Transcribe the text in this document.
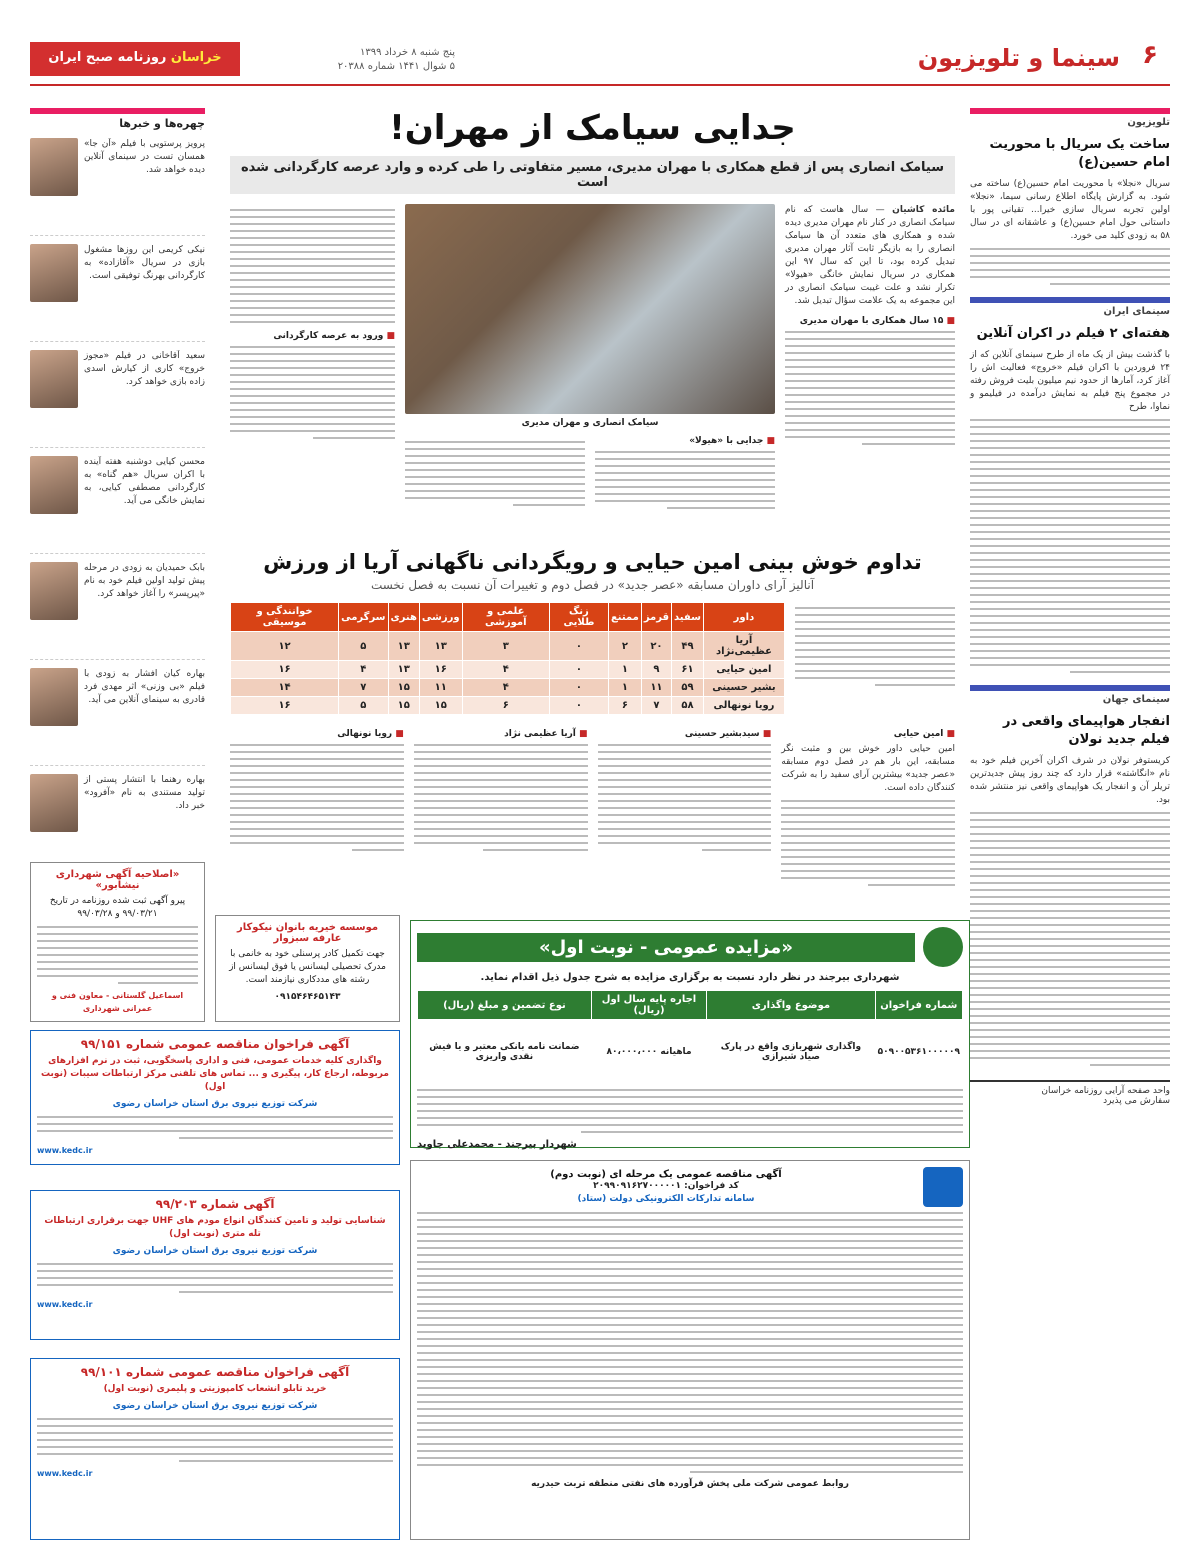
۶
سینما و تلویزیون
پنج شنبه ۸ خرداد ۱۳۹۹
۵ شوال ۱۴۴۱ شماره ۲۰۳۸۸
خراسان روزنامه صبح ایران
تلویزیون
ساخت یک سریال با محوریت امام حسین(ع)
سریال «نجلا» با محوریت امام حسین(ع) ساخته می شود. به گزارش پایگاه اطلاع رسانی سیما، «نجلا» اولین تجربه سریال سازی خیرا... تقیانی پور با داستانی حول امام حسین(ع) و عاشقانه ای در سال ۵۸ به زودی کلید می خورد.
سینمای ایران
هفته‌ای ۲ فیلم در اکران آنلاین
با گذشت بیش از یک ماه از طرح سینمای آنلاین که از ۲۴ فروردین با اکران فیلم «خروج» فعالیت اش را آغاز کرد، آمارها از حدود نیم میلیون بلیت فروش رفته در مجموع پنج فیلم به نمایش درآمده در فیلیمو و نماوا، طرح
سینمای جهان
انفجار هواپیمای واقعی در فیلم جدید نولان
کریستوفر نولان در شرف اکران آخرین فیلم خود به نام «انگاشته» قرار دارد که چند روز پیش جدیدترین تریلر آن و انفجار یک هواپیمای واقعی نیز منتشر شده بود.
واحد صفحه آرایی روزنامه خراسان
سفارش می پذیرد
جدایی سیامک از مهران!
سیامک انصاری پس از قطع همکاری با مهران مدیری، مسیر متفاوتی را طی کرده و وارد عرصه کارگردانی شده است
مائده کاشیان — سال هاست که نام سیامک انصاری در کنار نام مهران مدیری دیده شده و همکاری های متعدد آن ها سیامک انصاری را به بازیگر ثابت آثار مهران مدیری تبدیل کرده بود، تا این که سال ۹۷ این همکاری در سریال نمایش خانگی «هیولا» تکرار نشد و علت غیبت سیامک انصاری در این مجموعه به یک علامت سؤال تبدیل شد.
■ ۱۵ سال همکاری با مهران مدیری
سیامک انصاری و مهران مدیری
■ جدایی با «هیولا»
■ ورود به عرصه کارگردانی
تداوم خوش بینی امین حیایی و رویگردانی ناگهانی آریا از ورزش
آنالیز آرای داوران مسابقه «عصر جدید» در فصل دوم و تغییرات آن نسبت به فصل نخست
داور	سفید	قرمز	ممتنع	زنگ طلایی	علمی و آموزشی	ورزشی	هنری	سرگرمی	خوانندگی و موسیقی
آریا عظیمی‌نژاد	۴۹	۲۰	۲	۰	۳	۱۳	۱۳	۵	۱۲
امین حیایی	۶۱	۹	۱	۰	۴	۱۶	۱۳	۴	۱۶
بشیر حسینی	۵۹	۱۱	۱	۰	۴	۱۱	۱۵	۷	۱۴
رویا نونهالی	۵۸	۷	۶	۰	۶	۱۵	۱۵	۵	۱۶
■ امین حیایی
امین حیایی داور خوش بین و مثبت نگر مسابقه، این بار هم در فصل دوم مسابقه «عصر جدید» بیشترین آرای سفید را به شرکت کنندگان داده است.
■ سیدبشیر حسینی
■ آریا عظیمی نژاد
■ رویا نونهالی
چهره‌ها و خبرها
پرویز پرستویی با فیلم «آن جا» همسان تست در سینمای آنلاین دیده خواهد شد.
نیکی کریمی این روزها مشغول بازی در سریال «آقازاده» به کارگردانی بهرنگ توفیقی است.
سعید آقاخانی در فیلم «مجوز خروج» کاری از کیارش اسدی زاده بازی خواهد کرد.
محسن کیایی دوشنبه هفته آینده با اکران سریال «هم گناه» به کارگردانی مصطفی کیایی، به نمایش خانگی می آید.
بابک حمیدیان به زودی در مرحله پیش تولید اولین فیلم خود به نام «پیرپسر» را آغاز خواهد کرد.
بهاره کیان افشار به زودی با فیلم «بی وزنی» اثر مهدی فرد قادری به سینمای آنلاین می آید.
بهاره رهنما با انتشار پستی از تولید مستندی به نام «آفرود» خبر داد.
«اصلاحیه آگهی شهرداری نیشابور»
پیرو آگهی ثبت شده روزنامه در تاریخ ۹۹/۰۳/۲۱ و ۹۹/۰۳/۲۸
اسماعیل گلستانی - معاون فنی و عمرانی شهرداری
موسسه خیریه بانوان نیکوکار عارفه سبزوار
جهت تکمیل کادر پرسنلی خود به خانمی با مدرک تحصیلی لیسانس یا فوق لیسانس از رشته های مددکاری نیازمند است.
۰۹۱۵۴۶۴۶۵۱۴۳
«مزایده عمومی - نوبت اول»
شهرداری بیرجند در نظر دارد نسبت به برگزاری مزایده به شرح جدول ذیل اقدام نماید.
شماره فراخوان	موضوع واگذاری	اجاره پایه سال اول (ریال)	نوع تضمین و مبلغ (ریال)
۵۰۹۰۰۵۳۶۱۰۰۰۰۰۹	واگذاری شهربازی واقع در پارک صیاد شیرازی	ماهیانه ۸۰،۰۰۰،۰۰۰	ضمانت نامه بانکی معتبر و یا فیش نقدی واریزی
شهردار بیرجند - محمدعلی جاوید
آگهی فراخوان مناقصه عمومی شماره ۹۹/۱۵۱
واگذاری کلیه خدمات عمومی، فنی و اداری پاسخگویی، ثبت در نرم افزارهای مربوطه، ارجاع کار، پیگیری و ... تماس های تلفنی مرکز ارتباطات سیبات (نوبت اول)
شرکت توزیع نیروی برق استان خراسان رضوی
www.kedc.ir
آگهی شماره ۹۹/۲۰۳
شناسایی تولید و تامین کنندگان انواع مودم های UHF جهت برقراری ارتباطات تله متری (نوبت اول)
شرکت توزیع نیروی برق استان خراسان رضوی
www.kedc.ir
آگهی فراخوان مناقصه عمومی شماره ۹۹/۱۰۱
خرید تابلو انشعاب کامپوزیتی و پلیمری (نوبت اول)
شرکت توزیع نیروی برق استان خراسان رضوی
www.kedc.ir
آگهی مناقصه عمومی یک مرحله ای (نوبت دوم)
کد فراخوان: ۲۰۹۹۰۹۱۶۲۷۰۰۰۰۰۱
سامانه تدارکات الکترونیکی دولت (ستاد)
روابط عمومی شرکت ملی پخش فرآورده های نفتی منطقه تربت حیدریه
